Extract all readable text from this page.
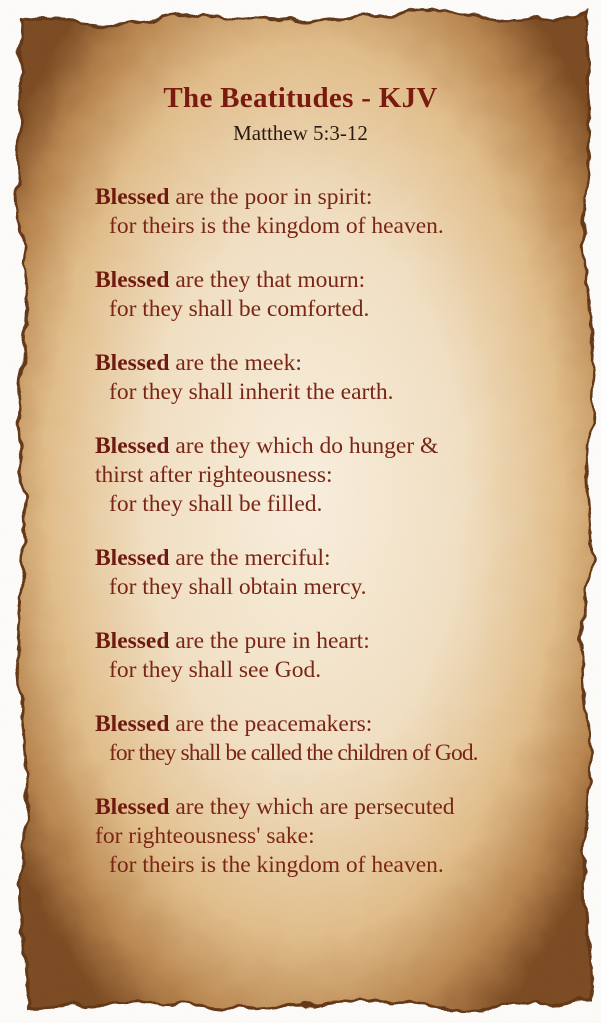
The Beatitudes - KJV
Matthew 5:3-12
Blessed are the poor in spirit:
for theirs is the kingdom of heaven.
Blessed are they that mourn:
for they shall be comforted.
Blessed are the meek:
for they shall inherit the earth.
Blessed are they which do hunger &
thirst after righteousness:
for they shall be filled.
Blessed are the merciful:
for they shall obtain mercy.
Blessed are the pure in heart:
for they shall see God.
Blessed are the peacemakers:
for they shall be called the children of God.
Blessed are they which are persecuted
for righteousness' sake:
for theirs is the kingdom of heaven.
